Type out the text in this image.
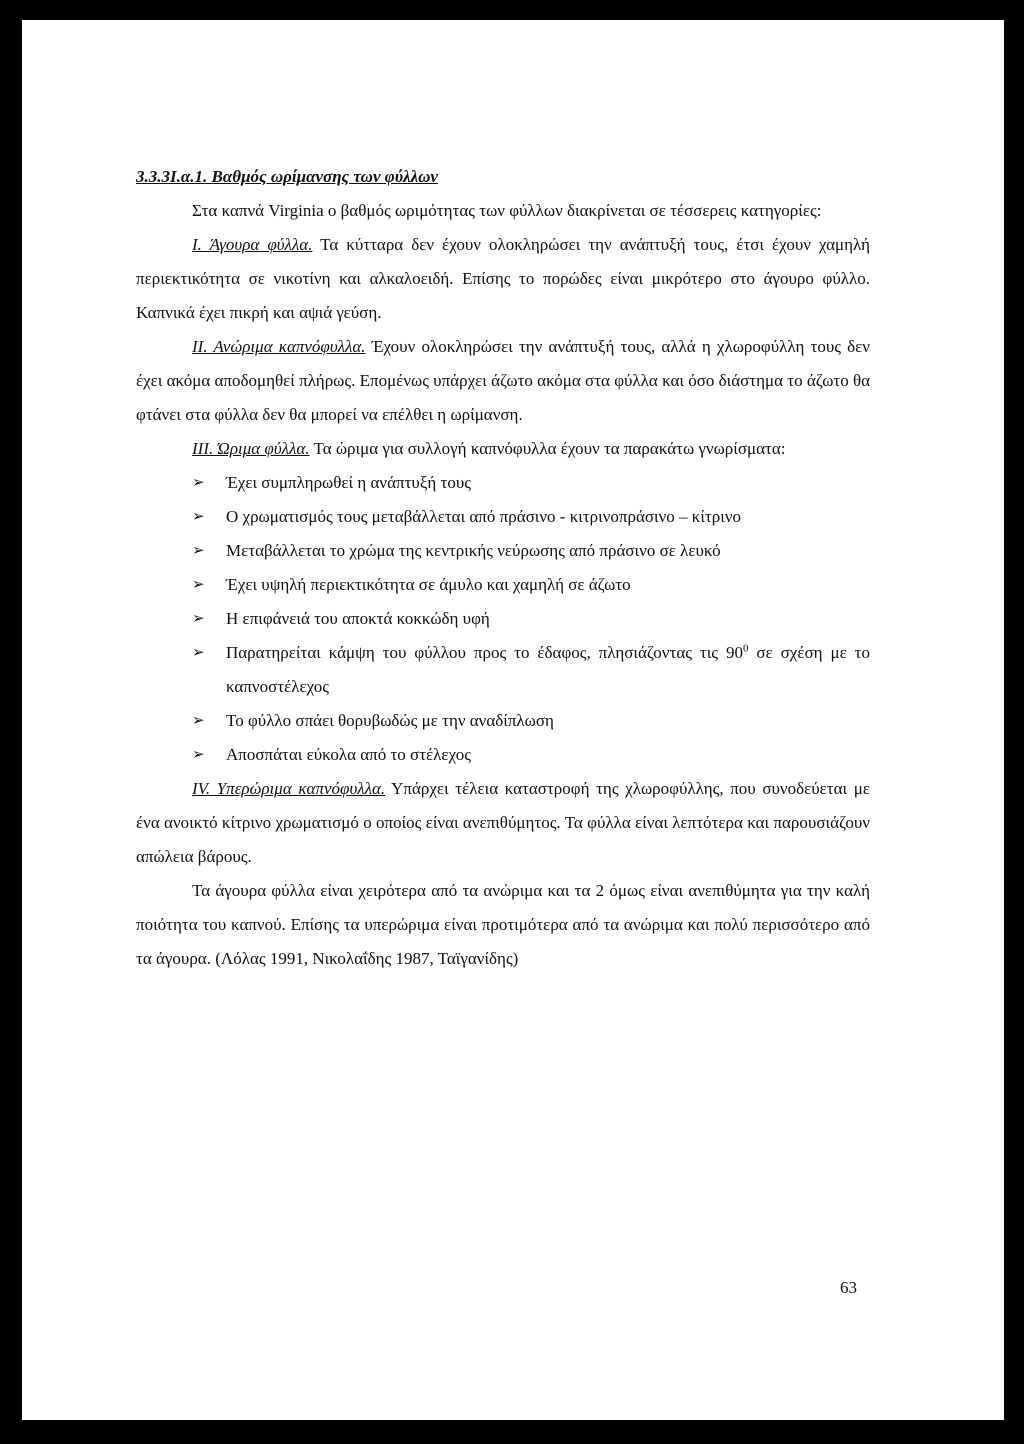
3.3.3Ι.α.1. Βαθμός ωρίμανσης των φύλλων

Στα καπνά Virginia ο βαθμός ωριμότητας των φύλλων διακρίνεται σε τέσσερεις κατηγορίες:

Ι. Άγουρα φύλλα. Τα κύτταρα δεν έχουν ολοκληρώσει την ανάπτυξή τους, έτσι έχουν χαμηλή περιεκτικότητα σε νικοτίνη και αλκαλοειδή. Επίσης το πορώδες είναι μικρότερο στο άγουρο φύλλο. Καπνικά έχει πικρή και αψιά γεύση.

ΙΙ. Ανώριμα καπνόφυλλα. Έχουν ολοκληρώσει την ανάπτυξή τους, αλλά η χλωροφύλλη τους δεν έχει ακόμα αποδομηθεί πλήρως. Επομένως υπάρχει άζωτο ακόμα στα φύλλα και όσο διάστημα το άζωτο θα φτάνει στα φύλλα δεν θα μπορεί να επέλθει η ωρίμανση.

ΙΙΙ. Ώριμα φύλλα. Τα ώριμα για συλλογή καπνόφυλλα έχουν τα παρακάτω γνωρίσματα:

➢ Έχει συμπληρωθεί η ανάπτυξή τους
➢ Ο χρωματισμός τους μεταβάλλεται από πράσινο - κιτρινοπράσινο – κίτρινο
➢ Μεταβάλλεται το χρώμα της κεντρικής νεύρωσης από πράσινο σε λευκό
➢ Έχει υψηλή περιεκτικότητα σε άμυλο και χαμηλή σε άζωτο
➢ Η επιφάνειά του αποκτά κοκκώδη υφή
➢ Παρατηρείται κάμψη του φύλλου προς το έδαφος, πλησιάζοντας τις $90^0$ σε σχέση με το καπνοστέλεχος
➢ Το φύλλο σπάει θορυβωδώς με την αναδίπλωση
➢ Αποσπάται εύκολα από το στέλεχος

ΙV. Υπερώριμα καπνόφυλλα. Υπάρχει τέλεια καταστροφή της χλωροφύλλης, που συνοδεύεται με ένα ανοικτό κίτρινο χρωματισμό ο οποίος είναι ανεπιθύμητος. Τα φύλλα είναι λεπτότερα και παρουσιάζουν απώλεια βάρους.

Τα άγουρα φύλλα είναι χειρότερα από τα ανώριμα και τα 2 όμως είναι ανεπιθύμητα για την καλή ποιότητα του καπνού. Επίσης τα υπερώριμα είναι προτιμότερα από τα ανώριμα και πολύ περισσότερο από τα άγουρα. (Λόλας 1991, Νικολαΐδης 1987, Ταϊγανίδης)

63
